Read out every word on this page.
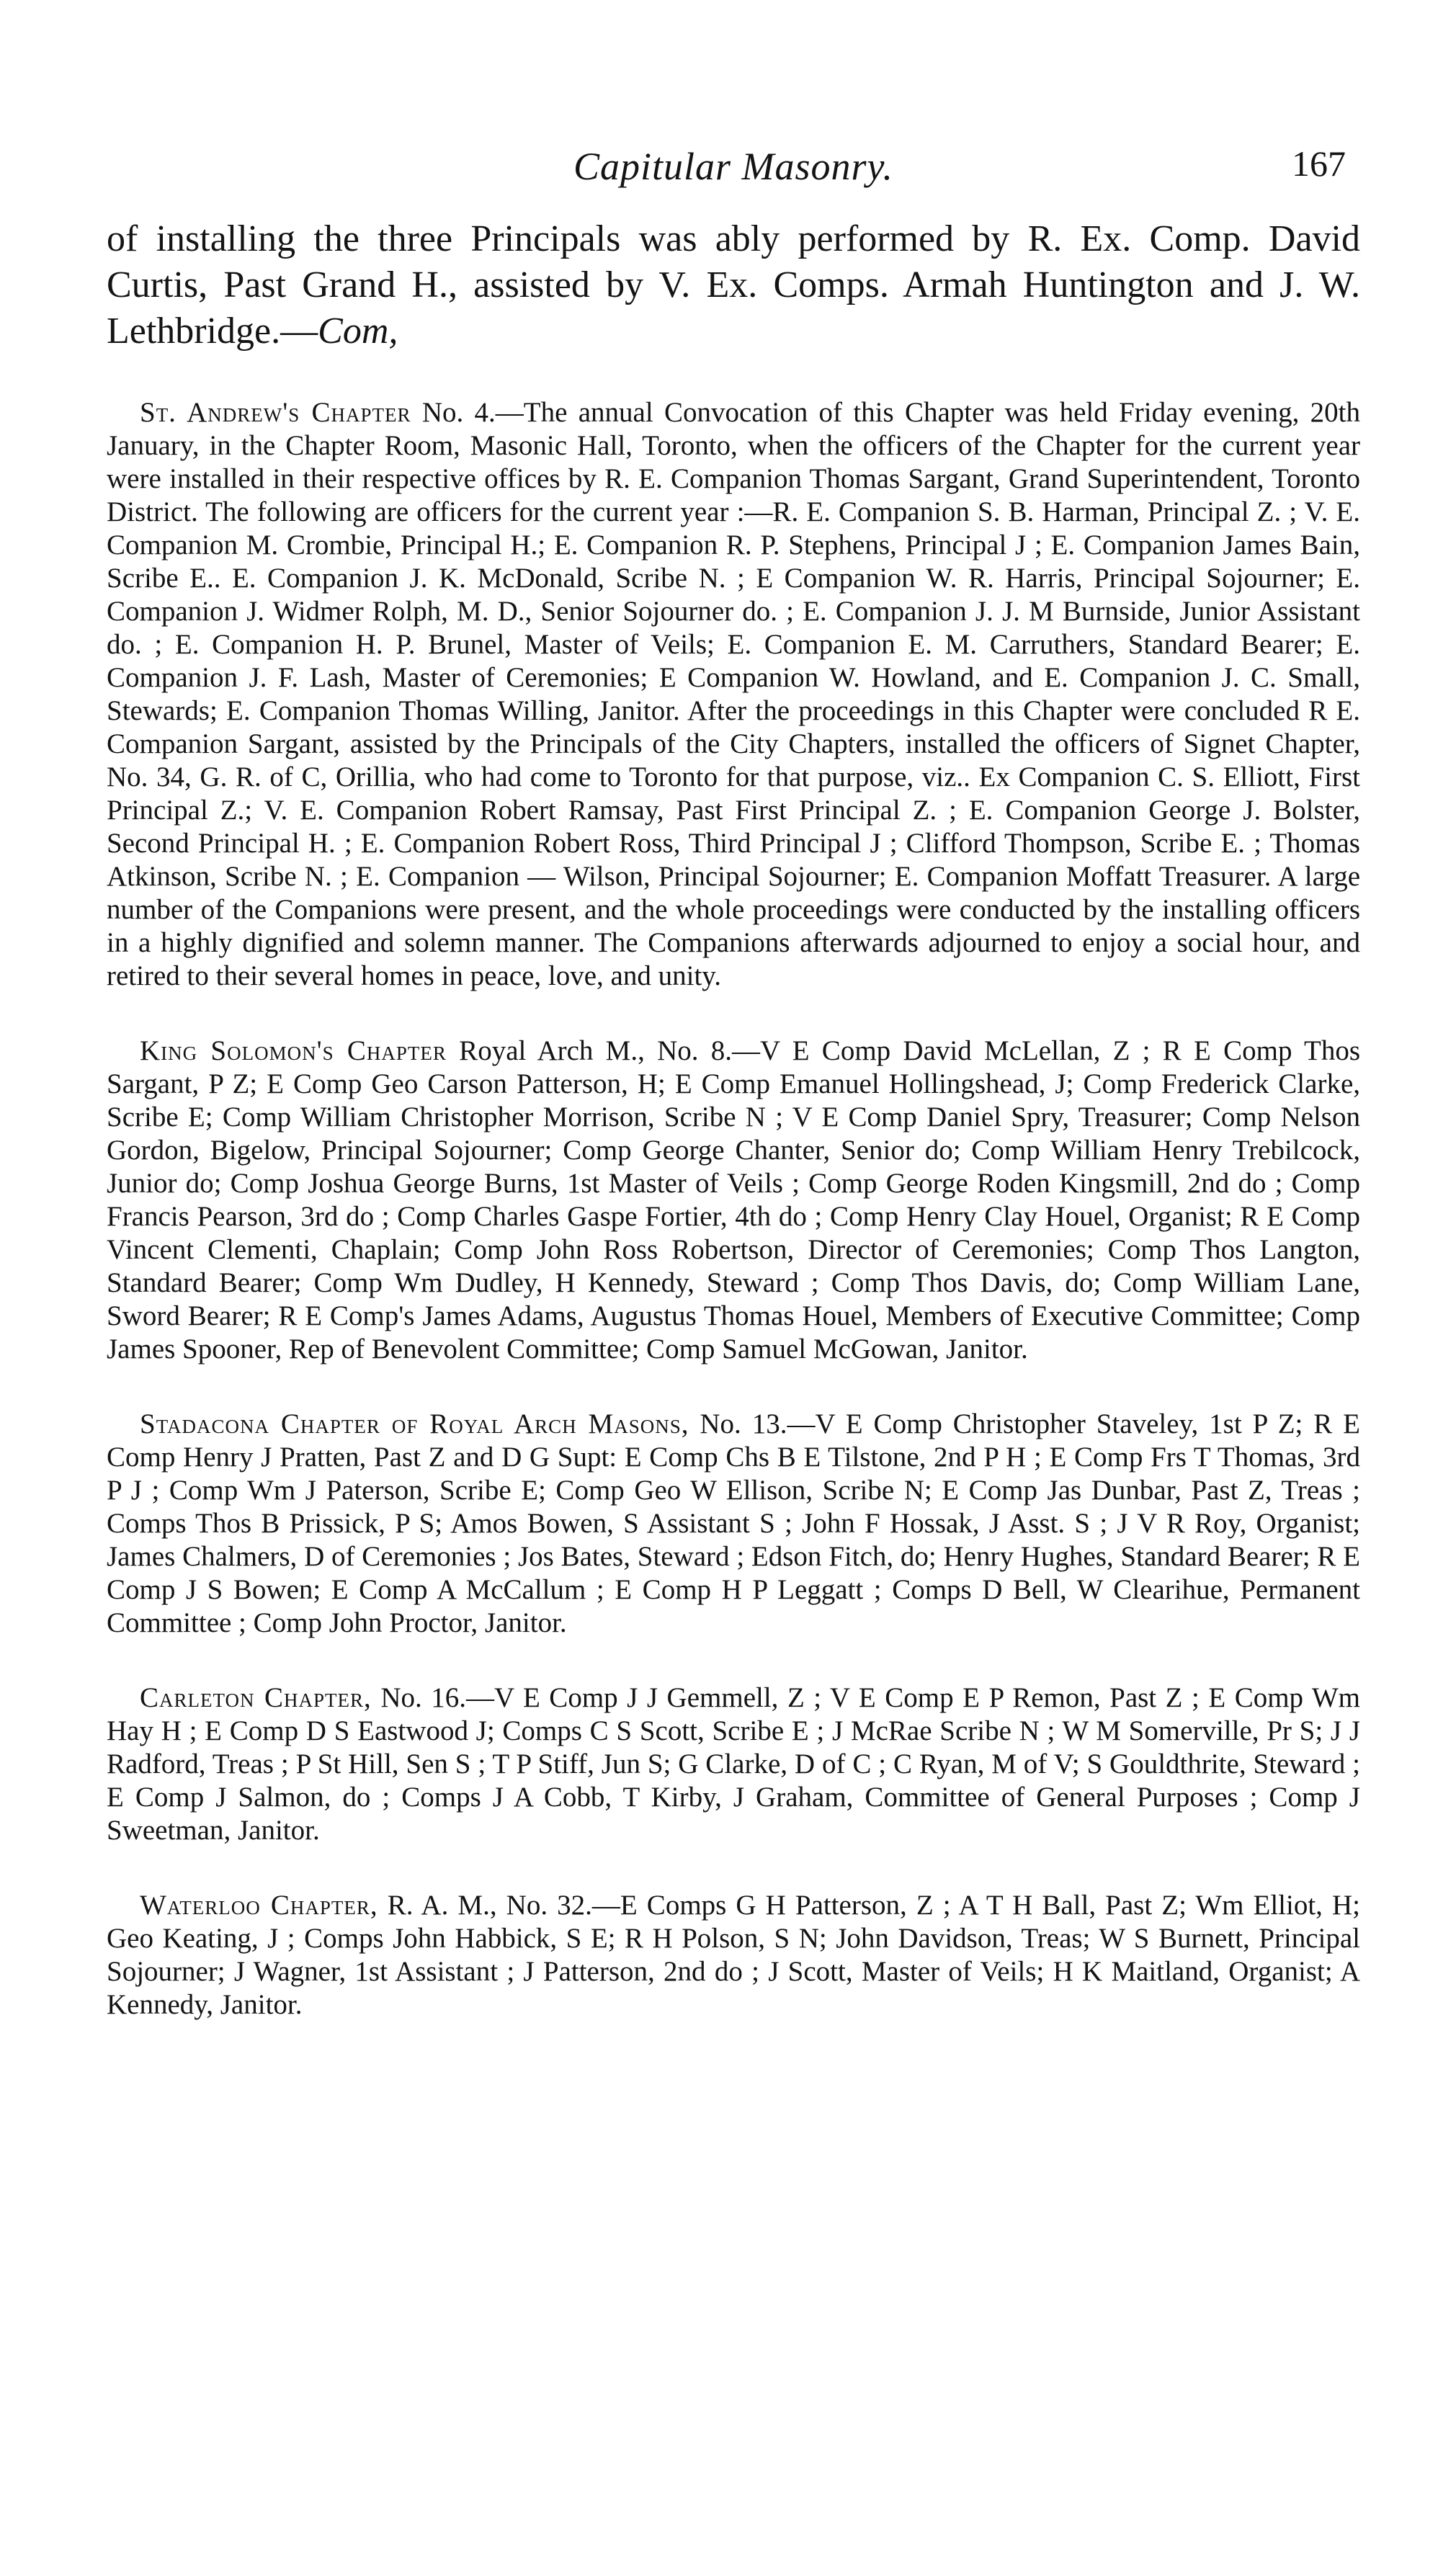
Capitular Masonry.	167

of installing the three Principals was ably performed by R. Ex. Comp. David Curtis, Past Grand H., assisted by V. Ex. Comps. Armah Huntington and J. W. Lethbridge.—Com,

St. Andrew's Chapter No. 4.—The annual Convocation of this Chapter was held Friday evening, 20th January, in the Chapter Room, Masonic Hall, Toronto, when the officers of the Chapter for the current year were installed in their respective offices by R. E. Companion Thomas Sargant, Grand Superintendent, Toronto District. The following are officers for the current year :—R. E. Companion S. B. Harman, Principal Z. ; V. E. Companion M. Crombie, Principal H.; E. Companion R. P. Stephens, Principal J ; E. Companion James Bain, Scribe E.. E. Companion J. K. McDonald, Scribe N. ; E Companion W. R. Harris, Principal Sojourner; E. Companion J. Widmer Rolph, M. D., Senior Sojourner do. ; E. Companion J. J. M Burnside, Junior Assistant do. ; E. Companion H. P. Brunel, Master of Veils; E. Companion E. M. Carruthers, Standard Bearer; E. Companion J. F. Lash, Master of Ceremonies; E Companion W. Howland, and E. Companion J. C. Small, Stewards; E. Companion Thomas Willing, Janitor. After the proceedings in this Chapter were concluded R E. Companion Sargant, assisted by the Principals of the City Chapters, installed the officers of Signet Chapter, No. 34, G. R. of C, Orillia, who had come to Toronto for that purpose, viz.. Ex Companion C. S. Elliott, First Principal Z.; V. E. Companion Robert Ramsay, Past First Principal Z. ; E. Companion George J. Bolster, Second Principal H. ; E. Companion Robert Ross, Third Principal J ; Clifford Thompson, Scribe E. ; Thomas Atkinson, Scribe N. ; E. Companion — Wilson, Principal Sojourner; E. Companion Moffatt Treasurer. A large number of the Companions were present, and the whole proceedings were conducted by the installing officers in a highly dignified and solemn manner. The Companions afterwards adjourned to enjoy a social hour, and retired to their several homes in peace, love, and unity.

King Solomon's Chapter Royal Arch M., No. 8.—V E Comp David McLellan, Z ; R E Comp Thos Sargant, P Z; E Comp Geo Carson Patterson, H; E Comp Emanuel Hollingshead, J; Comp Frederick Clarke, Scribe E; Comp William Christopher Morrison, Scribe N ; V E Comp Daniel Spry, Treasurer; Comp Nelson Gordon, Bigelow, Principal Sojourner; Comp George Chanter, Senior do; Comp William Henry Trebilcock, Junior do; Comp Joshua George Burns, 1st Master of Veils ; Comp George Roden Kingsmill, 2nd do ; Comp Francis Pearson, 3rd do ; Comp Charles Gaspe Fortier, 4th do ; Comp Henry Clay Houel, Organist; R E Comp Vincent Clementi, Chaplain; Comp John Ross Robertson, Director of Ceremonies; Comp Thos Langton, Standard Bearer; Comp Wm Dudley, H Kennedy, Steward ; Comp Thos Davis, do; Comp William Lane, Sword Bearer; R E Comp's James Adams, Augustus Thomas Houel, Members of Executive Committee; Comp James Spooner, Rep of Benevolent Committee; Comp Samuel McGowan, Janitor.

Stadacona Chapter of Royal Arch Masons, No. 13.—V E Comp Christopher Staveley, 1st P Z; R E Comp Henry J Pratten, Past Z and D G Supt: E Comp Chs B E Tilstone, 2nd P H ; E Comp Frs T Thomas, 3rd P J ; Comp Wm J Paterson, Scribe E; Comp Geo W Ellison, Scribe N; E Comp Jas Dunbar, Past Z, Treas ; Comps Thos B Prissick, P S; Amos Bowen, S Assistant S ; John F Hossak, J Asst. S ; J V R Roy, Organist; James Chalmers, D of Ceremonies ; Jos Bates, Steward ; Edson Fitch, do; Henry Hughes, Standard Bearer; R E Comp J S Bowen; E Comp A McCallum ; E Comp H P Leggatt ; Comps D Bell, W Clearihue, Permanent Committee ; Comp John Proctor, Janitor.

Carleton Chapter, No. 16.—V E Comp J J Gemmell, Z ; V E Comp E P Remon, Past Z ; E Comp Wm Hay H ; E Comp D S Eastwood J; Comps C S Scott, Scribe E ; J McRae Scribe N ; W M Somerville, Pr S; J J Radford, Treas ; P St Hill, Sen S ; T P Stiff, Jun S; G Clarke, D of C ; C Ryan, M of V; S Gouldthrite, Steward ; E Comp J Salmon, do ; Comps J A Cobb, T Kirby, J Graham, Committee of General Purposes ; Comp J Sweetman, Janitor.

Waterloo Chapter, R. A. M., No. 32.—E Comps G H Patterson, Z ; A T H Ball, Past Z; Wm Elliot, H; Geo Keating, J ; Comps John Habbick, S E; R H Polson, S N; John Davidson, Treas; W S Burnett, Principal Sojourner; J Wagner, 1st Assistant ; J Patterson, 2nd do ; J Scott, Master of Veils; H K Maitland, Organist; A Kennedy, Janitor.
